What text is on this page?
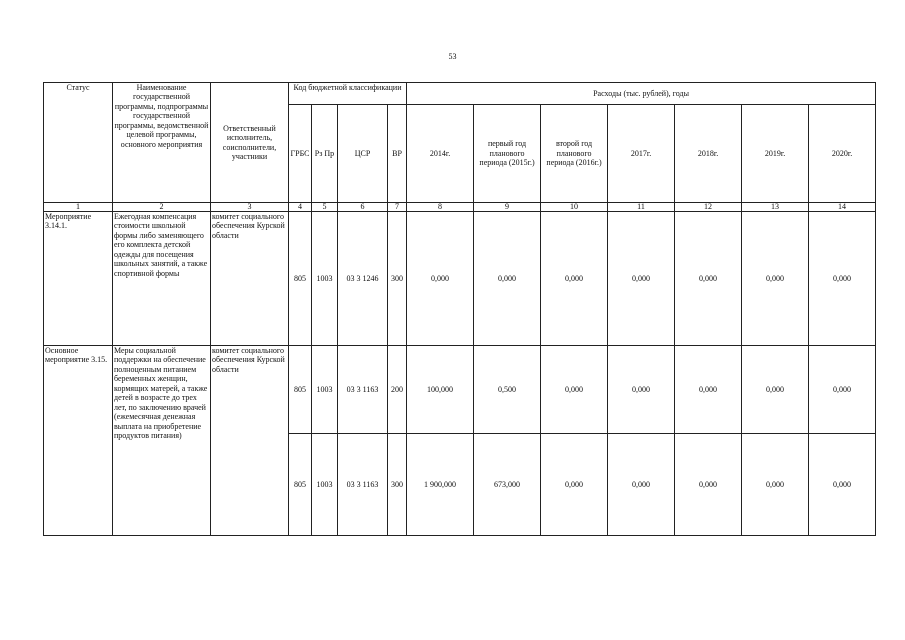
53
Статус	Наименование государственной программы, подпрограммы государственной программы, ведомственной целевой программы, основного мероприятия	Ответственный исполнитель, соисполнители, участники	Код бюджетной классификации				Расходы (тыс. рублей), годы						
			ГРБС	Рз Пр	ЦСР	ВР	2014г.	первый год планового периода (2015г.)	второй год планового периода (2016г.)	2017г.	2018г.	2019г.	2020г.
1	2	3	4	5	6	7	8	9	10	11	12	13	14
Мероприятие 3.14.1.	Ежегодная компенсация стоимости школьной формы либо заменяющего его комплекта детской одежды для посещения школьных занятий, а также спортивной формы	комитет социального обеспечения Курской области	805	1003	03 3 1246	300	0,000	0,000	0,000	0,000	0,000	0,000	0,000
Основное мероприятие 3.15.	Меры социальной поддержки на обеспечение полноценным питанием беременных женщин, кормящих матерей, а также детей в возрасте до трех лет, по заключению врачей (ежемесячная денежная выплата на приобретение продуктов питания)	комитет социального обеспечения Курской области	805	1003	03 3 1163	200	100,000	0,500	0,000	0,000	0,000	0,000	0,000
			805	1003	03 3 1163	300	1 900,000	673,000	0,000	0,000	0,000	0,000	0,000
